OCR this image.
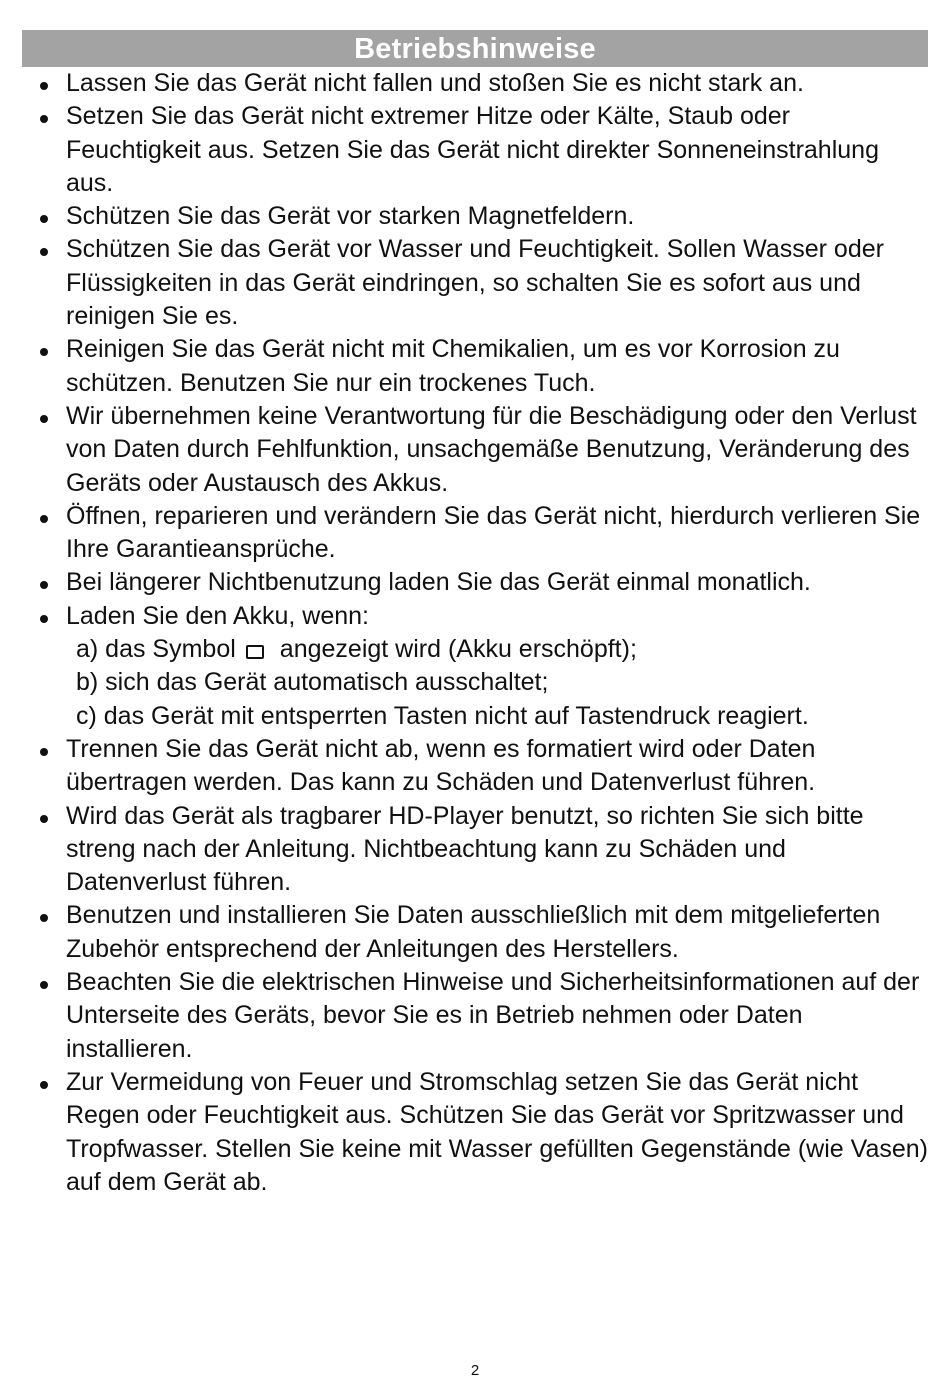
Betriebshinweise
Lassen Sie das Gerät nicht fallen und stoßen Sie es nicht stark an.
Setzen Sie das Gerät nicht extremer Hitze oder Kälte, Staub oder Feuchtigkeit aus. Setzen Sie das Gerät nicht direkter Sonneneinstrahlung aus.
Schützen Sie das Gerät vor starken Magnetfeldern.
Schützen Sie das Gerät vor Wasser und Feuchtigkeit. Sollen Wasser oder Flüssigkeiten in das Gerät eindringen, so schalten Sie es sofort aus und reinigen Sie es.
Reinigen Sie das Gerät nicht mit Chemikalien, um es vor Korrosion zu schützen. Benutzen Sie nur ein trockenes Tuch.
Wir übernehmen keine Verantwortung für die Beschädigung oder den Verlust von Daten durch Fehlfunktion, unsachgemäße Benutzung, Veränderung des Geräts oder Austausch des Akkus.
Öffnen, reparieren und verändern Sie das Gerät nicht, hierdurch verlieren Sie Ihre Garantieansprüche.
Bei längerer Nichtbenutzung laden Sie das Gerät einmal monatlich.
Laden Sie den Akku, wenn:
a) das Symbol angezeigt wird (Akku erschöpft);
b) sich das Gerät automatisch ausschaltet;
c) das Gerät mit entsperrten Tasten nicht auf Tastendruck reagiert.
Trennen Sie das Gerät nicht ab, wenn es formatiert wird oder Daten übertragen werden. Das kann zu Schäden und Datenverlust führen.
Wird das Gerät als tragbarer HD-Player benutzt, so richten Sie sich bitte streng nach der Anleitung. Nichtbeachtung kann zu Schäden und Datenverlust führen.
Benutzen und installieren Sie Daten ausschließlich mit dem mitgelieferten Zubehör entsprechend der Anleitungen des Herstellers.
Beachten Sie die elektrischen Hinweise und Sicherheitsinformationen auf der Unterseite des Geräts, bevor Sie es in Betrieb nehmen oder Daten installieren.
Zur Vermeidung von Feuer und Stromschlag setzen Sie das Gerät nicht Regen oder Feuchtigkeit aus. Schützen Sie das Gerät vor Spritzwasser und Tropfwasser. Stellen Sie keine mit Wasser gefüllten Gegenstände (wie Vasen) auf dem Gerät ab.
2
